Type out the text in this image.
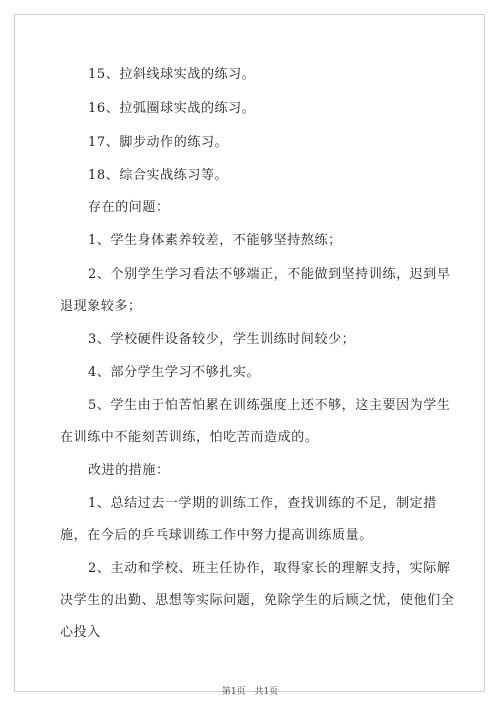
15、拉斜线球实战的练习。

16、拉弧圈球实战的练习。

17、脚步动作的练习。

18、综合实战练习等。

存在的问题：

1、学生身体素养较差，不能够坚持熬练；

2、个别学生学习看法不够端正，不能做到坚持训练，迟到早退现象较多；

3、学校硬件设备较少，学生训练时间较少；

4、部分学生学习不够扎实。

5、学生由于怕苦怕累在训练强度上还不够，这主要因为学生在训练中不能刻苦训练，怕吃苦而造成的。

改进的措施：

1、总结过去一学期的训练工作，查找训练的不足，制定措施，在今后的乒乓球训练工作中努力提高训练质量。

2、主动和学校、班主任协作，取得家长的理解支持，实际解决学生的出勤、思想等实际问题，免除学生的后顾之忧，使他们全心投入

第1页 共1页
